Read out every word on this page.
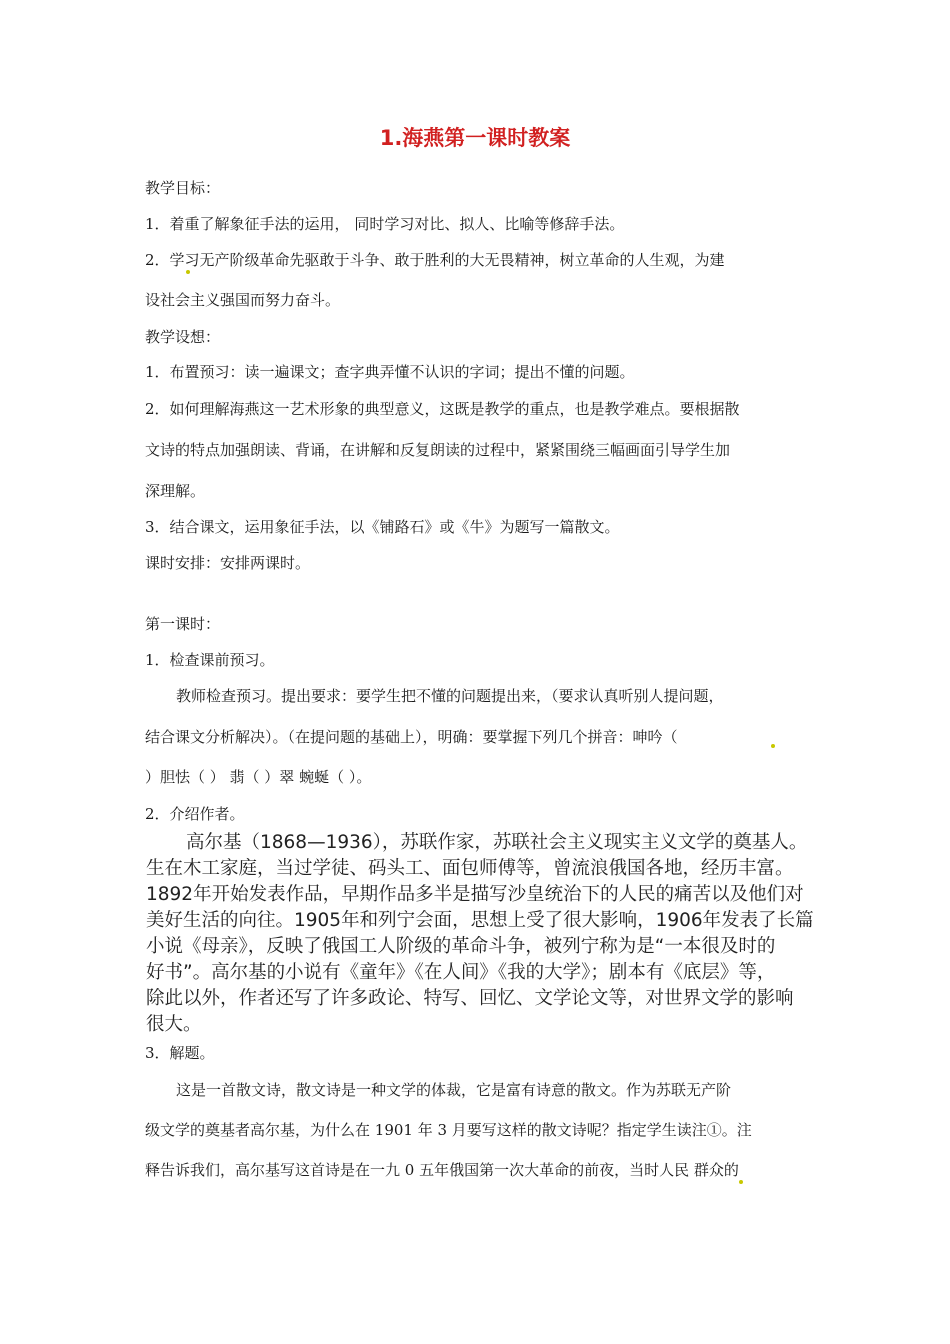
1.海燕第一课时教案
教学目标：
1．着重了解象征手法的运用， 同时学习对比、拟人、比喻等修辞手法。
2．学习无产阶级革命先驱敢于斗争、敢于胜利的大无畏精神，树立革命的人生观，为建
设社会主义强国而努力奋斗。
教学设想：
1．布置预习：读一遍课文；查字典弄懂不认识的字词；提出不懂的问题。
2．如何理解海燕这一艺术形象的典型意义，这既是教学的重点，也是教学难点。要根据散
文诗的特点加强朗读、背诵，在讲解和反复朗读的过程中，紧紧围绕三幅画面引导学生加
深理解。
3．结合课文，运用象征手法，以《铺路石》或《牛》为题写一篇散文。
课时安排：安排两课时。
第一课时：
1．检查课前预习。
教师检查预习。提出要求：要学生把不懂的问题提出来，（要求认真听别人提问题，
结合课文分析解决）。（在提问题的基础上），明确：要掌握下列几个拼音：呻吟（
）胆怯（ ） 翡（ ）翠 蜿蜒（ ）。
2．介绍作者。
高尔基（1868—1936），苏联作家，苏联社会主义现实主义文学的奠基人。
生在木工家庭，当过学徒、码头工、面包师傅等，曾流浪俄国各地，经历丰富。
1892年开始发表作品，早期作品多半是描写沙皇统治下的人民的痛苦以及他们对
美好生活的向往。1905年和列宁会面，思想上受了很大影响，1906年发表了长篇
小说《母亲》，反映了俄国工人阶级的革命斗争，被列宁称为是“一本很及时的
好书”。高尔基的小说有《童年》《在人间》《我的大学》；剧本有《底层》等，
除此以外，作者还写了许多政论、特写、回忆、文学论文等，对世界文学的影响
很大。
3．解题。
这是一首散文诗，散文诗是一种文学的体裁，它是富有诗意的散文。作为苏联无产阶
级文学的奠基者高尔基，为什么在 1901 年 3 月要写这样的散文诗呢？指定学生读注①。注
释告诉我们，高尔基写这首诗是在一九 0 五年俄国第一次大革命的前夜，当时人民 群众的
